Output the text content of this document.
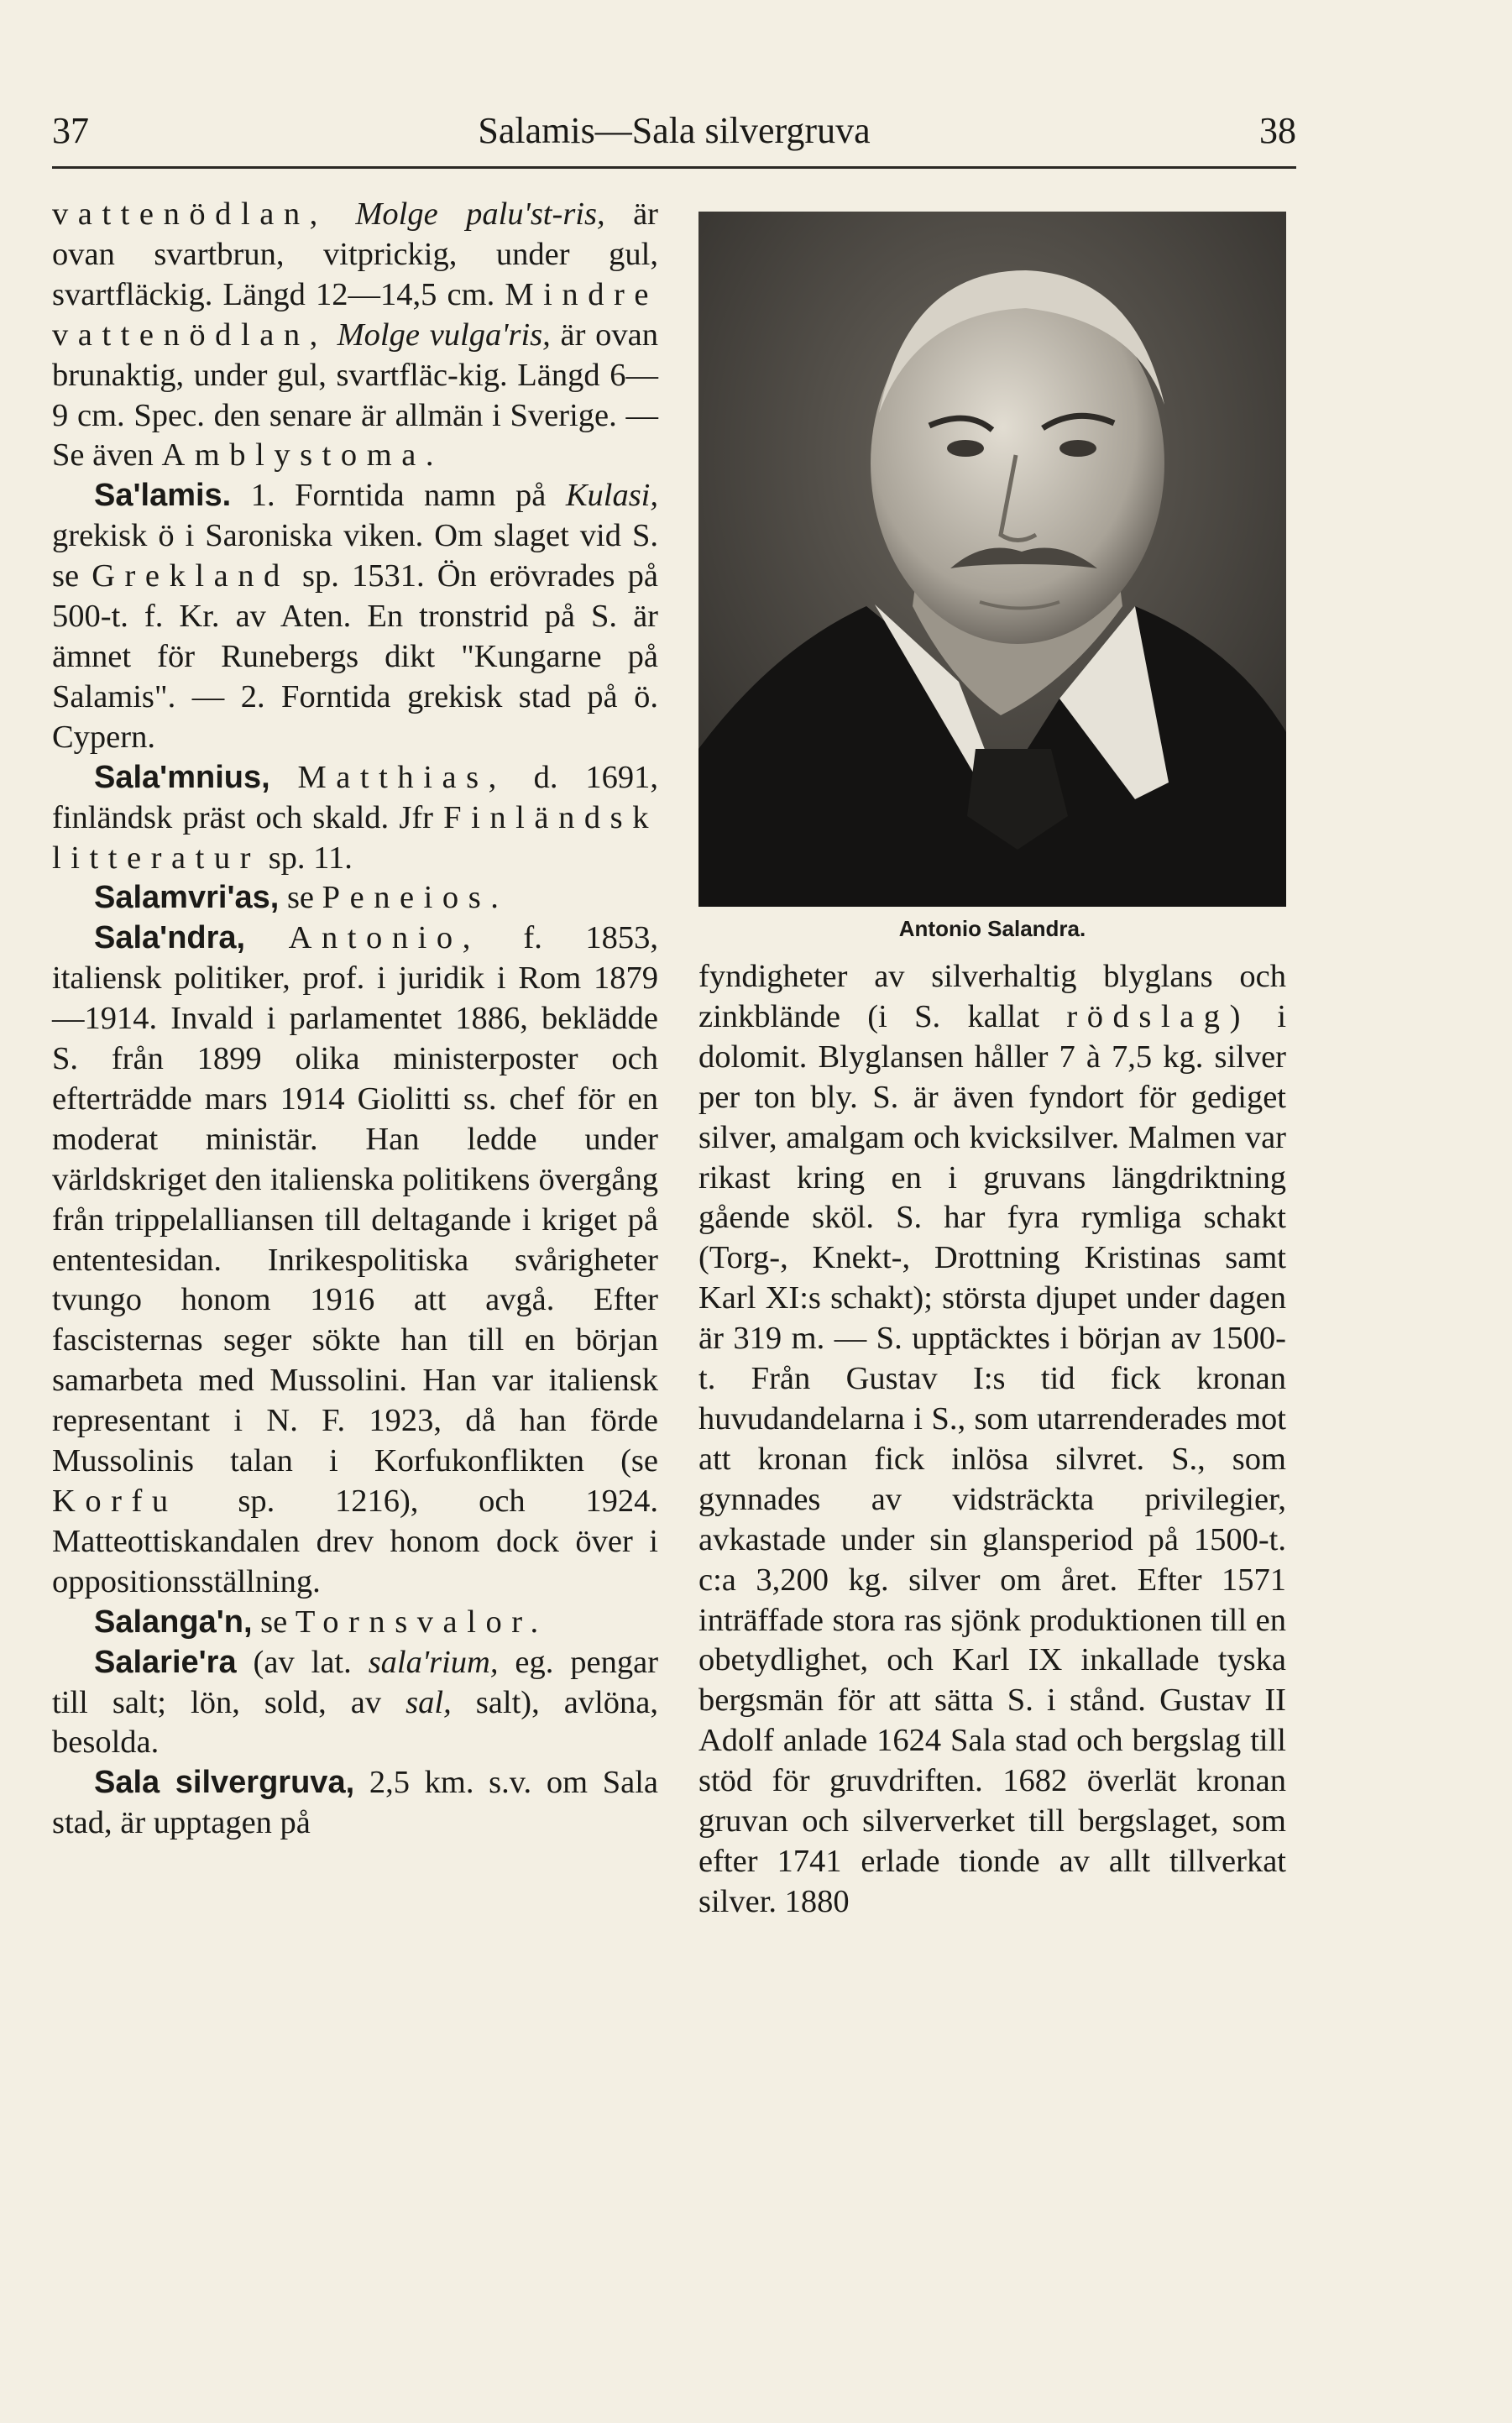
37	Salamis—Sala silvergruva	38

vattenödlan, Molge palu'st-ris, är ovan svartbrun, vitprickig, under gul, svartfläckig. Längd 12—14,5 cm. Mindre vattenödlan, Molge vulga'ris, är ovan brunaktig, under gul, svartfläc-kig. Längd 6—9 cm. Spec. den senare är allmän i Sverige. — Se även Amblystoma.

Sa'lamis. 1. Forntida namn på Kulasi, grekisk ö i Saroniska viken. Om slaget vid S. se Grekland sp. 1531. Ön erövrades på 500-t. f. Kr. av Aten. En tronstrid på S. är ämnet för Runebergs dikt "Kungarne på Salamis". — 2. Forntida grekisk stad på ö. Cypern.

Sala'mnius, Matthias, d. 1691, finländsk präst och skald. Jfr Finländsk litteratur sp. 11.

Salamvri'as, se Peneios.

Sala'ndra, Antonio, f. 1853, italiensk politiker, prof. i juridik i Rom 1879—1914. Invald i parlamentet 1886, beklädde S. från 1899 olika ministerposter och efterträdde mars 1914 Giolitti ss. chef för en moderat ministär. Han ledde under världskriget den italienska politikens övergång från trippelalliansen till deltagande i kriget på ententesidan. Inrikespolitiska svårigheter tvungo honom 1916 att avgå. Efter fascisternas seger sökte han till en början samarbeta med Mussolini. Han var italiensk representant i N. F. 1923, då han förde Mussolinis talan i Korfukonflikten (se Korfu sp. 1216), och 1924. Matteottiskandalen drev honom dock över i oppositionsställning.

Salanga'n, se Tornsvalor.

Salarie'ra (av lat. sala'rium, eg. pengar till salt; lön, sold, av sal, salt), avlöna, besolda.

Sala silvergruva, 2,5 km. s.v. om Sala stad, är upptagen på

Antonio Salandra.

fyndigheter av silverhaltig blyglans och zinkblände (i S. kallat rödslag) i dolomit. Blyglansen håller 7 à 7,5 kg. silver per ton bly. S. är även fyndort för gediget silver, amalgam och kvicksilver. Malmen var rikast kring en i gruvans längdriktning gående sköl. S. har fyra rymliga schakt (Torg-, Knekt-, Drottning Kristinas samt Karl XI:s schakt); största djupet under dagen är 319 m. — S. upptäcktes i början av 1500-t. Från Gustav I:s tid fick kronan huvudandelarna i S., som utarrenderades mot att kronan fick inlösa silvret. S., som gynnades av vidsträckta privilegier, avkastade under sin glansperiod på 1500-t. c:a 3,200 kg. silver om året. Efter 1571 inträffade stora ras sjönk produktionen till en obetydlighet, och Karl IX inkallade tyska bergsmän för att sätta S. i stånd. Gustav II Adolf anlade 1624 Sala stad och bergslag till stöd för gruvdriften. 1682 överlät kronan gruvan och silververket till bergslaget, som efter 1741 erlade tionde av allt tillverkat silver. 1880
